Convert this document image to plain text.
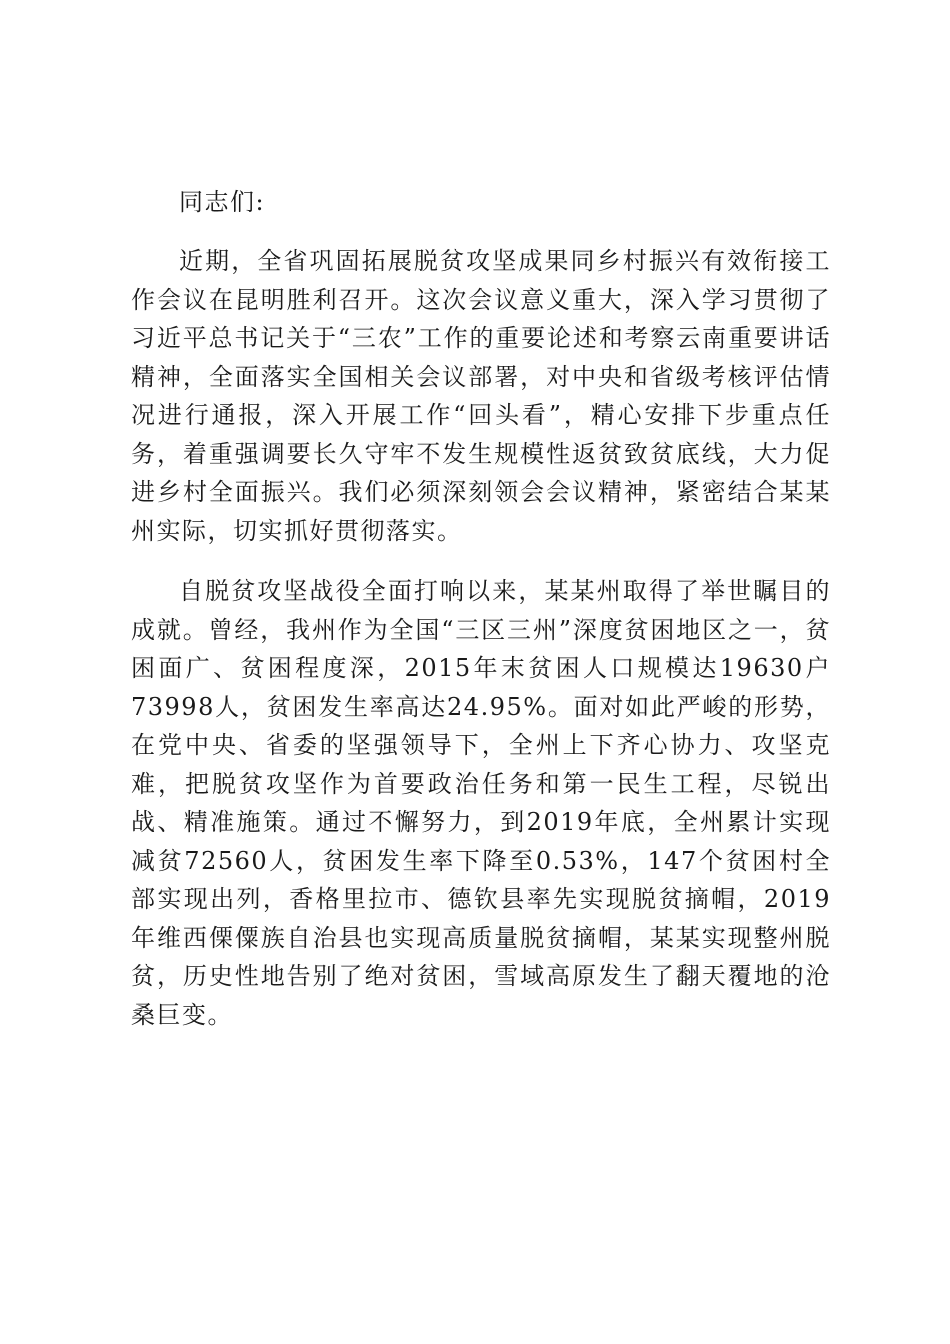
同志们:

近期，全省巩固拓展脱贫攻坚成果同乡村振兴有效衔接工作会议在昆明胜利召开。这次会议意义重大，深入学习贯彻了习近平总书记关于“三农”工作的重要论述和考察云南重要讲话精神，全面落实全国相关会议部署，对中央和省级考核评估情况进行通报，深入开展工作“回头看”，精心安排下步重点任务，着重强调要长久守牢不发生规模性返贫致贫底线，大力促进乡村全面振兴。我们必须深刻领会会议精神，紧密结合某某州实际，切实抓好贯彻落实。

自脱贫攻坚战役全面打响以来，某某州取得了举世瞩目的成就。曾经，我州作为全国“三区三州”深度贫困地区之一，贫困面广、贫困程度深，2015年末贫困人口规模达19630户73998人，贫困发生率高达24.95%。面对如此严峻的形势，在党中央、省委的坚强领导下，全州上下齐心协力、攻坚克难，把脱贫攻坚作为首要政治任务和第一民生工程，尽锐出战、精准施策。通过不懈努力，到2019年底，全州累计实现减贫72560人，贫困发生率下降至0.53%，147个贫困村全部实现出列，香格里拉市、德钦县率先实现脱贫摘帽，2019年维西傈僳族自治县也实现高质量脱贫摘帽，某某实现整州脱贫，历史性地告别了绝对贫困，雪域高原发生了翻天覆地的沧桑巨变。
